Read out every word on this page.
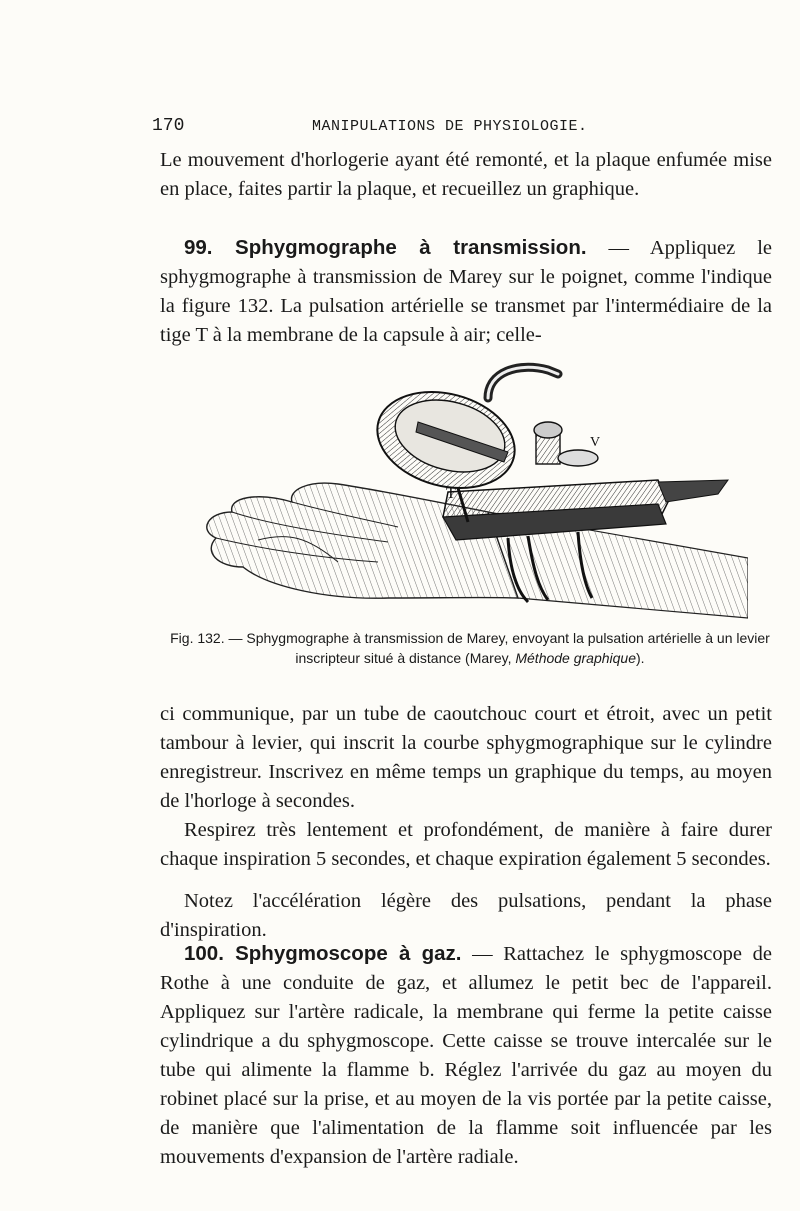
170	MANIPULATIONS DE PHYSIOLOGIE.

Le mouvement d'horlogerie ayant été remonté, et la plaque enfumée mise en place, faites partir la plaque, et recueillez un graphique.

99. Sphygmographe à transmission. — Appliquez le sphygmographe à transmission de Marey sur le poignet, comme l'indique la figure 132. La pulsation artérielle se transmet par l'intermédiaire de la tige T à la membrane de la capsule à air; celle-

T
V
Fig. 132. — Sphygmographe à transmission de Marey, envoyant la pulsation artérielle à un levier inscripteur situé à distance (Marey, Méthode graphique).

ci communique, par un tube de caoutchouc court et étroit, avec un petit tambour à levier, qui inscrit la courbe sphygmographique sur le cylindre enregistreur. Inscrivez en même temps un graphique du temps, au moyen de l'horloge à secondes.

Respirez très lentement et profondément, de manière à faire durer chaque inspiration 5 secondes, et chaque expiration également 5 secondes.

Notez l'accélération légère des pulsations, pendant la phase d'inspiration.

100. Sphygmoscope à gaz. — Rattachez le sphygmoscope de Rothe à une conduite de gaz, et allumez le petit bec de l'appareil. Appliquez sur l'artère radicale, la membrane qui ferme la petite caisse cylindrique a du sphygmoscope. Cette caisse se trouve intercalée sur le tube qui alimente la flamme b. Réglez l'arrivée du gaz au moyen du robinet placé sur la prise, et au moyen de la vis portée par la petite caisse, de manière que l'alimentation de la flamme soit influencée par les mouvements d'expansion de l'artère radiale.
